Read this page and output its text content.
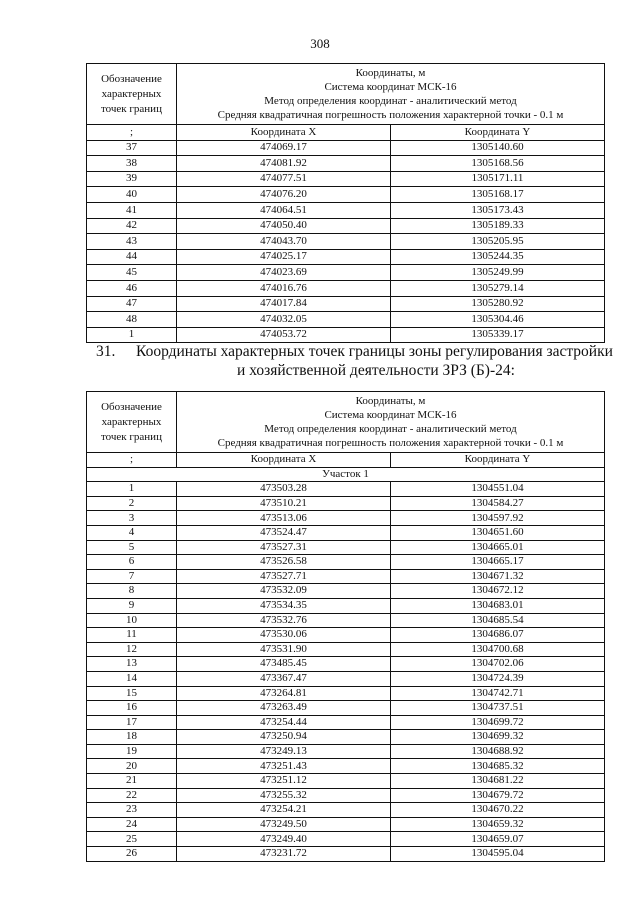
308
Обозначение характерных точек границ	Координаты, м
Система координат МСК-16
Метод определения координат - аналитический метод
Средняя квадратичная погрешность положения характерной точки - 0.1 м	

;	Координата X	Координата Y
37	474069.17	1305140.60
38	474081.92	1305168.56
39	474077.51	1305171.11
40	474076.20	1305168.17
41	474064.51	1305173.43
42	474050.40	1305189.33
43	474043.70	1305205.95
44	474025.17	1305244.35
45	474023.69	1305249.99
46	474016.76	1305279.14
47	474017.84	1305280.92
48	474032.05	1305304.46
1	474053.72	1305339.17
31. Координаты характерных точек границы зоны регулирования застройки
и хозяйственной деятельности ЗРЗ (Б)-24:
Обозначение характерных точек границ	Координаты, м
Система координат МСК-16
Метод определения координат - аналитический метод
Средняя квадратичная погрешность положения характерной точки - 0.1 м	

;	Координата X	Координата Y
Участок 1		
1	473503.28	1304551.04
2	473510.21	1304584.27
3	473513.06	1304597.92
4	473524.47	1304651.60
5	473527.31	1304665.01
6	473526.58	1304665.17
7	473527.71	1304671.32
8	473532.09	1304672.12
9	473534.35	1304683.01
10	473532.76	1304685.54
11	473530.06	1304686.07
12	473531.90	1304700.68
13	473485.45	1304702.06
14	473367.47	1304724.39
15	473264.81	1304742.71
16	473263.49	1304737.51
17	473254.44	1304699.72
18	473250.94	1304699.32
19	473249.13	1304688.92
20	473251.43	1304685.32
21	473251.12	1304681.22
22	473255.32	1304679.72
23	473254.21	1304670.22
24	473249.50	1304659.32
25	473249.40	1304659.07
26	473231.72	1304595.04
